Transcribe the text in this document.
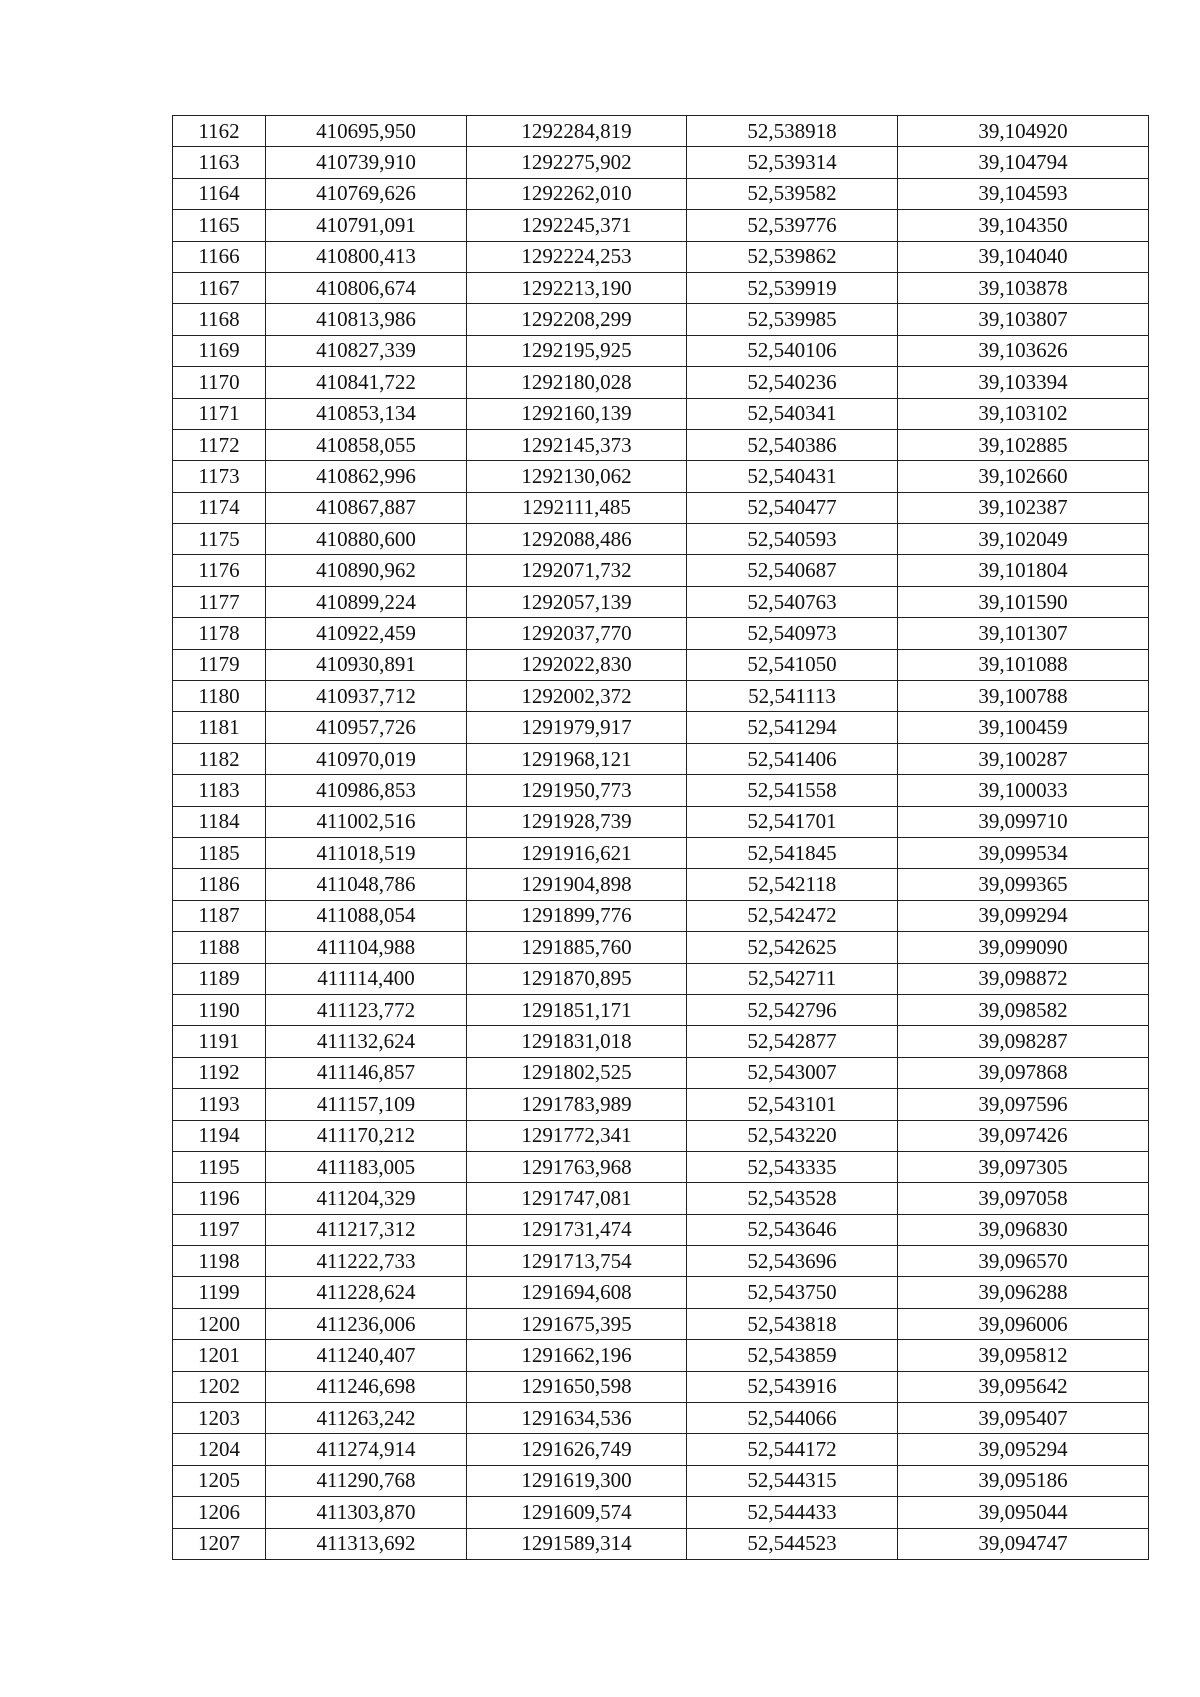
1162	410695,950	1292284,819	52,538918	39,104920
1163	410739,910	1292275,902	52,539314	39,104794
1164	410769,626	1292262,010	52,539582	39,104593
1165	410791,091	1292245,371	52,539776	39,104350
1166	410800,413	1292224,253	52,539862	39,104040
1167	410806,674	1292213,190	52,539919	39,103878
1168	410813,986	1292208,299	52,539985	39,103807
1169	410827,339	1292195,925	52,540106	39,103626
1170	410841,722	1292180,028	52,540236	39,103394
1171	410853,134	1292160,139	52,540341	39,103102
1172	410858,055	1292145,373	52,540386	39,102885
1173	410862,996	1292130,062	52,540431	39,102660
1174	410867,887	1292111,485	52,540477	39,102387
1175	410880,600	1292088,486	52,540593	39,102049
1176	410890,962	1292071,732	52,540687	39,101804
1177	410899,224	1292057,139	52,540763	39,101590
1178	410922,459	1292037,770	52,540973	39,101307
1179	410930,891	1292022,830	52,541050	39,101088
1180	410937,712	1292002,372	52,541113	39,100788
1181	410957,726	1291979,917	52,541294	39,100459
1182	410970,019	1291968,121	52,541406	39,100287
1183	410986,853	1291950,773	52,541558	39,100033
1184	411002,516	1291928,739	52,541701	39,099710
1185	411018,519	1291916,621	52,541845	39,099534
1186	411048,786	1291904,898	52,542118	39,099365
1187	411088,054	1291899,776	52,542472	39,099294
1188	411104,988	1291885,760	52,542625	39,099090
1189	411114,400	1291870,895	52,542711	39,098872
1190	411123,772	1291851,171	52,542796	39,098582
1191	411132,624	1291831,018	52,542877	39,098287
1192	411146,857	1291802,525	52,543007	39,097868
1193	411157,109	1291783,989	52,543101	39,097596
1194	411170,212	1291772,341	52,543220	39,097426
1195	411183,005	1291763,968	52,543335	39,097305
1196	411204,329	1291747,081	52,543528	39,097058
1197	411217,312	1291731,474	52,543646	39,096830
1198	411222,733	1291713,754	52,543696	39,096570
1199	411228,624	1291694,608	52,543750	39,096288
1200	411236,006	1291675,395	52,543818	39,096006
1201	411240,407	1291662,196	52,543859	39,095812
1202	411246,698	1291650,598	52,543916	39,095642
1203	411263,242	1291634,536	52,544066	39,095407
1204	411274,914	1291626,749	52,544172	39,095294
1205	411290,768	1291619,300	52,544315	39,095186
1206	411303,870	1291609,574	52,544433	39,095044
1207	411313,692	1291589,314	52,544523	39,094747
